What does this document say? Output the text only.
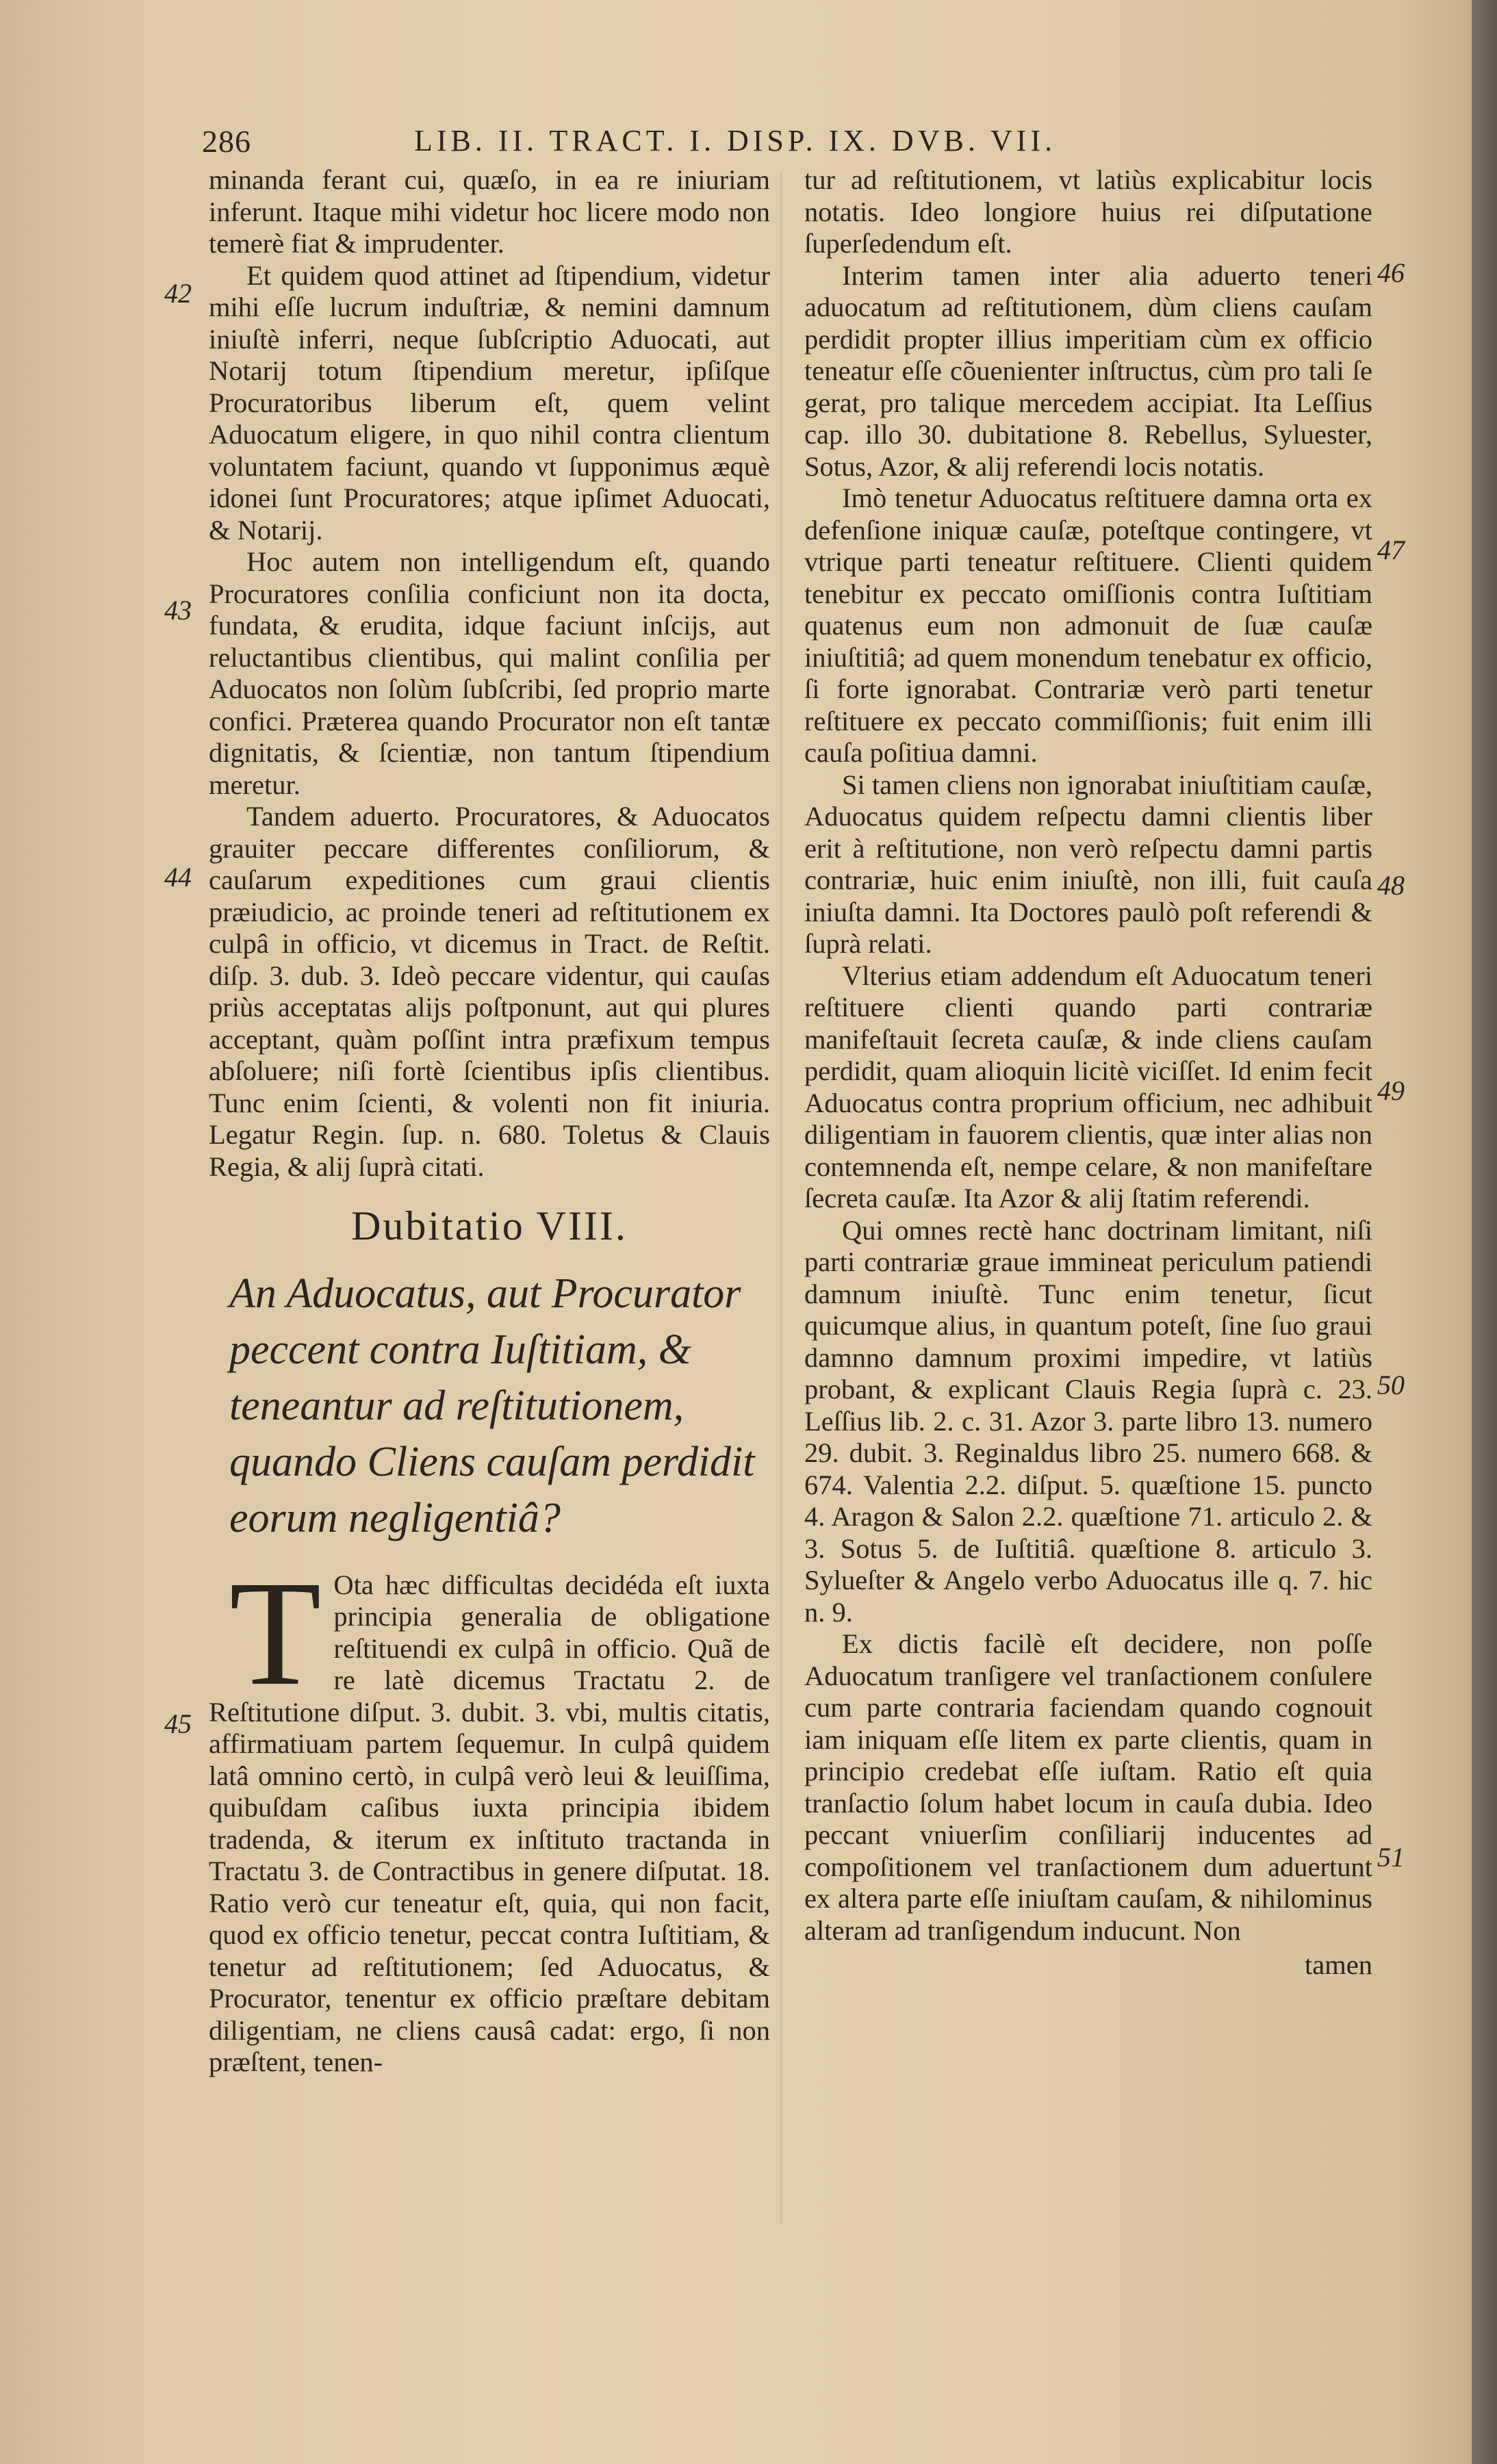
286	LIB. II. TRACT. I. DISP. IX. DVB. VII.

minanda ferant cui, quæſo, in ea re iniuriam inferunt. Itaque mihi videtur hoc licere modo non temerè fiat & imprudenter.

Et quidem quod attinet ad ſtipendium, videtur mihi eſſe lucrum induſtriæ, & nemini damnum iniuſtè inferri, neque ſubſcriptio Aduocati, aut Notarij totum ſtipendium meretur, ipſiſque Procuratoribus liberum eſt, quem velint Aduocatum eligere, in quo nihil contra clientum voluntatem faciunt, quando vt ſupponimus æquè idonei ſunt Procuratores; atque ipſimet Aduocati, & Notarij.

Hoc autem non intelligendum eſt, quando Procuratores conſilia conficiunt non ita docta, fundata, & erudita, idque faciunt inſcijs, aut reluctantibus clientibus, qui malint conſilia per Aduocatos non ſolùm ſubſcribi, ſed proprio marte confici. Præterea quando Procurator non eſt tantæ dignitatis, & ſcientiæ, non tantum ſtipendium meretur.

Tandem aduerto. Procuratores, & Aduocatos grauiter peccare differentes conſiliorum, & cauſarum expeditiones cum graui clientis præiudicio, ac proinde teneri ad reſtitutionem ex culpâ in officio, vt dicemus in Tract. de Reſtit. diſp. 3. dub. 3. Ideò peccare videntur, qui cauſas priùs acceptatas alijs poſtponunt, aut qui plures acceptant, quàm poſſint intra præfixum tempus abſoluere; niſi fortè ſcientibus ipſis clientibus. Tunc enim ſcienti, & volenti non fit iniuria. Legatur Regin. ſup. n. 680. Toletus & Clauis Regia, & alij ſuprà citati.

Dubitatio VIII.
An Aduocatus, aut Procurator peccent contra Iuſtitiam, & teneantur ad reſtitutionem, quando Cliens cauſam perdidit eorum negligentiâ?
T Ota hæc difficultas decidéda eſt iuxta principia generalia de obligatione reſtituendi ex culpâ in officio. Quã de re latè dicemus Tractatu 2. de Reſtitutione diſput. 3. dubit. 3. vbi, multis citatis, affirmatiuam partem ſequemur. In culpâ quidem latâ omnino certò, in culpâ verò leui & leuiſſima, quibuſdam caſibus iuxta principia ibidem tradenda, & iterum ex inſtituto tractanda in Tractatu 3. de Contractibus in genere diſputat. 18. Ratio verò cur teneatur eſt, quia, qui non facit, quod ex officio tenetur, peccat contra Iuſtitiam, & tenetur ad reſtitutionem; ſed Aduocatus, & Procurator, tenentur ex officio præſtare debitam diligentiam, ne cliens causâ cadat: ergo, ſi non præſtent, tenen-

42
43
44
45

tur ad reſtitutionem, vt latiùs explicabitur locis notatis. Ideo longiore huius rei diſputatione ſuperſedendum eſt.

Interim tamen inter alia aduerto teneri aduocatum ad reſtitutionem, dùm cliens cauſam perdidit propter illius imperitiam cùm ex officio teneatur eſſe cõuenienter inſtructus, cùm pro tali ſe gerat, pro talique mercedem accipiat. Ita Leſſius cap. illo 30. dubitatione 8. Rebellus, Syluester, Sotus, Azor, & alij referendi locis notatis.

Imò tenetur Aduocatus reſtituere damna orta ex defenſione iniquæ cauſæ, poteſtque contingere, vt vtrique parti teneatur reſtituere. Clienti quidem tenebitur ex peccato omiſſionis contra Iuſtitiam quatenus eum non admonuit de ſuæ cauſæ iniuſtitiâ; ad quem monendum tenebatur ex officio, ſi forte ignorabat. Contrariæ verò parti tenetur reſtituere ex peccato commiſſionis; fuit enim illi cauſa poſitiua damni.

Si tamen cliens non ignorabat iniuſtitiam cauſæ, Aduocatus quidem reſpectu damni clientis liber erit à reſtitutione, non verò reſpectu damni partis contrariæ, huic enim iniuſtè, non illi, fuit cauſa iniuſta damni. Ita Doctores paulò poſt referendi & ſuprà relati.

Vlterius etiam addendum eſt Aduocatum teneri reſtituere clienti quando parti contrariæ manifeſtauit ſecreta cauſæ, & inde cliens cauſam perdidit, quam alioquin licitè viciſſet. Id enim fecit Aduocatus contra proprium officium, nec adhibuit diligentiam in fauorem clientis, quæ inter alias non contemnenda eſt, nempe celare, & non manifeſtare ſecreta cauſæ. Ita Azor & alij ſtatim referendi.

Qui omnes rectè hanc doctrinam limitant, niſi parti contrariæ graue immineat periculum patiendi damnum iniuſtè. Tunc enim tenetur, ſicut quicumque alius, in quantum poteſt, ſine ſuo graui damnno damnum proximi impedire, vt latiùs probant, & explicant Clauis Regia ſuprà c. 23. Leſſius lib. 2. c. 31. Azor 3. parte libro 13. numero 29. dubit. 3. Reginaldus libro 25. numero 668. & 674. Valentia 2.2. diſput. 5. quæſtione 15. puncto 4. Aragon & Salon 2.2. quæſtione 71. articulo 2. & 3. Sotus 5. de Iuſtitiâ. quæſtione 8. articulo 3. Sylueſter & Angelo verbo Aduocatus ille q. 7. hic n. 9.

Ex dictis facilè eſt decidere, non poſſe Aduocatum tranſigere vel tranſactionem conſulere cum parte contraria faciendam quando cognouit iam iniquam eſſe litem ex parte clientis, quam in principio credebat eſſe iuſtam. Ratio eſt quia tranſactio ſolum habet locum in cauſa dubia. Ideo peccant vniuerſim conſiliarij inducentes ad compoſitionem vel tranſactionem dum aduertunt ex altera parte eſſe iniuſtam cauſam, & nihilominus alteram ad tranſigendum inducunt. Non

tamen
46
47
48
49
50
51
